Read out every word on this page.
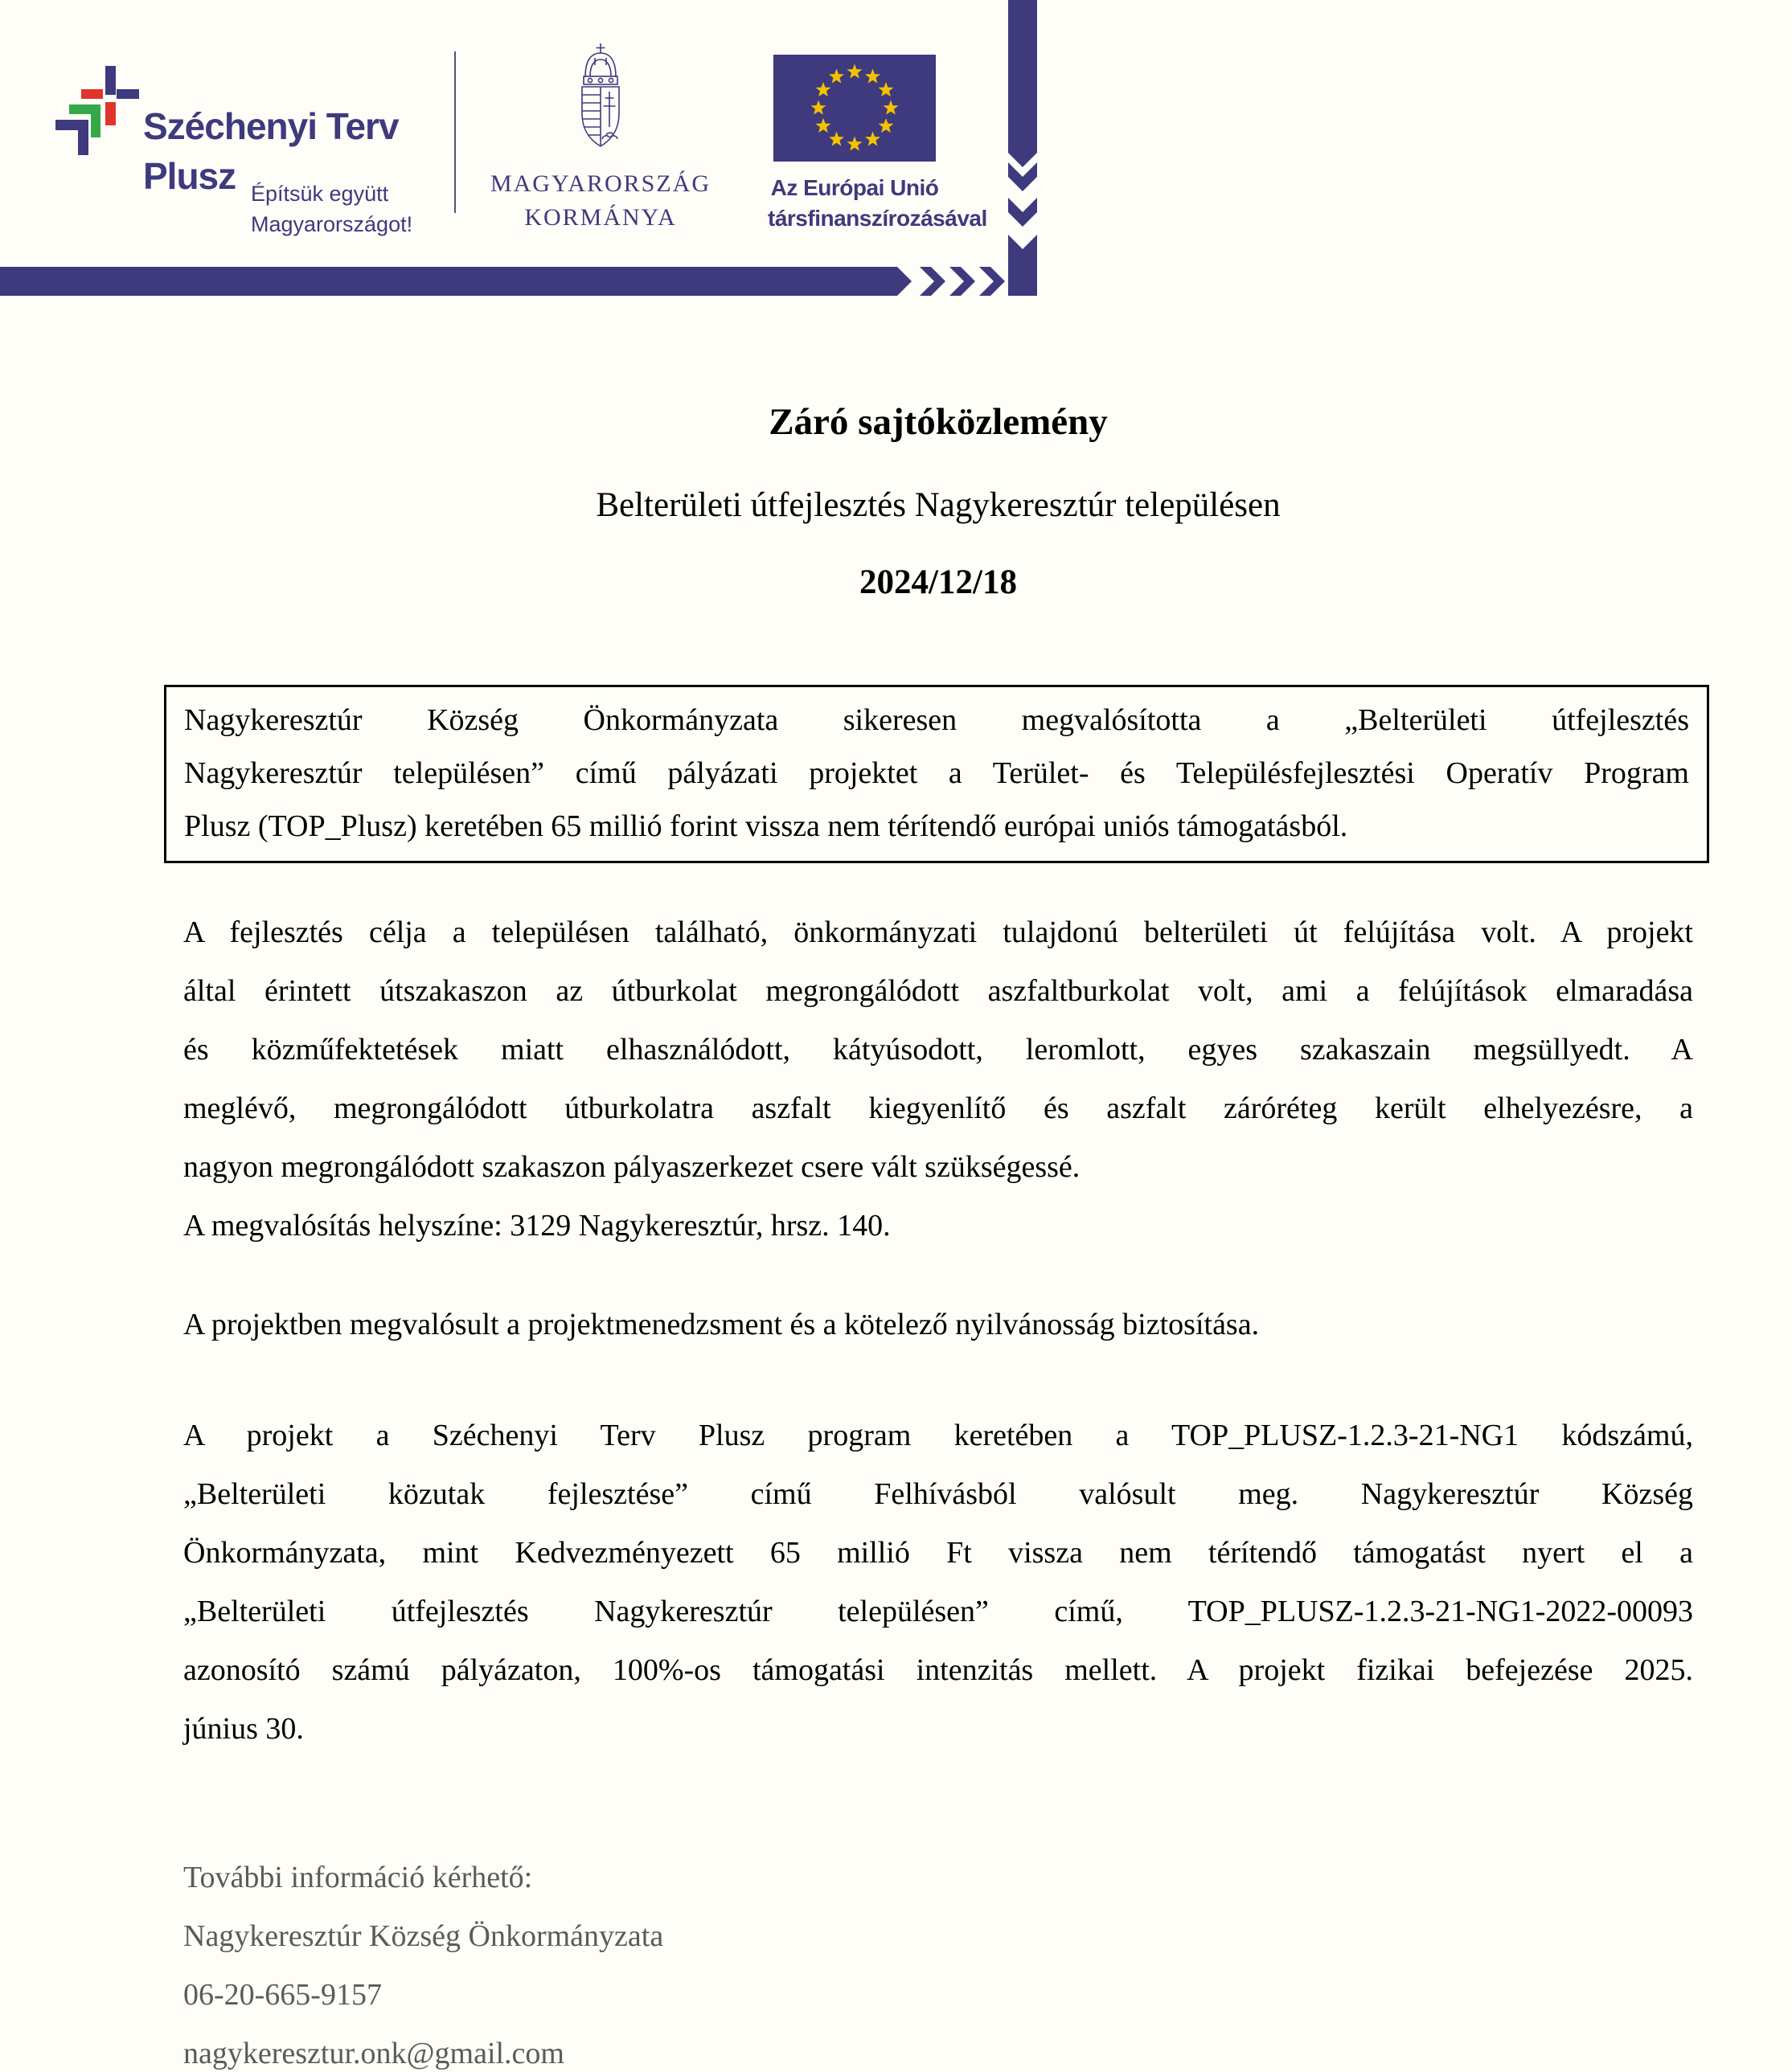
Széchenyi Terv
Plusz Építsük együtt
Magyarországot!
MAGYARORSZÁG
KORMÁNYA
Az Európai Unió
társfinanszírozásával
Záró sajtóközlemény
Belterületi útfejlesztés Nagykeresztúr településen
2024/12/18
Nagykeresztúr Község Önkormányzata sikeresen megvalósította a „Belterületi útfejlesztés
Nagykeresztúr településen” című pályázati projektet a Terület- és Településfejlesztési Operatív Program
Plusz (TOP_Plusz) keretében 65 millió forint vissza nem térítendő európai uniós támogatásból.
A fejlesztés célja a településen található, önkormányzati tulajdonú belterületi út felújítása volt. A projekt
által érintett útszakaszon az útburkolat megrongálódott aszfaltburkolat volt, ami a felújítások elmaradása
és közműfektetések miatt elhasználódott, kátyúsodott, leromlott, egyes szakaszain megsüllyedt. A
meglévő, megrongálódott útburkolatra aszfalt kiegyenlítő és aszfalt záróréteg került elhelyezésre, a
nagyon megrongálódott szakaszon pályaszerkezet csere vált szükségessé.
A megvalósítás helyszíne: 3129 Nagykeresztúr, hrsz. 140.
A projektben megvalósult a projektmenedzsment és a kötelező nyilvánosság biztosítása.
A projekt a Széchenyi Terv Plusz program keretében a TOP_PLUSZ-1.2.3-21-NG1 kódszámú,
„Belterületi közutak fejlesztése” című Felhívásból valósult meg. Nagykeresztúr Község
Önkormányzata, mint Kedvezményezett 65 millió Ft vissza nem térítendő támogatást nyert el a
„Belterületi útfejlesztés Nagykeresztúr településen” című, TOP_PLUSZ-1.2.3-21-NG1-2022-00093
azonosító számú pályázaton, 100%-os támogatási intenzitás mellett. A projekt fizikai befejezése 2025.
június 30.
További információ kérhető:
Nagykeresztúr Község Önkormányzata
06-20-665-9157
nagykeresztur.onk@gmail.com
